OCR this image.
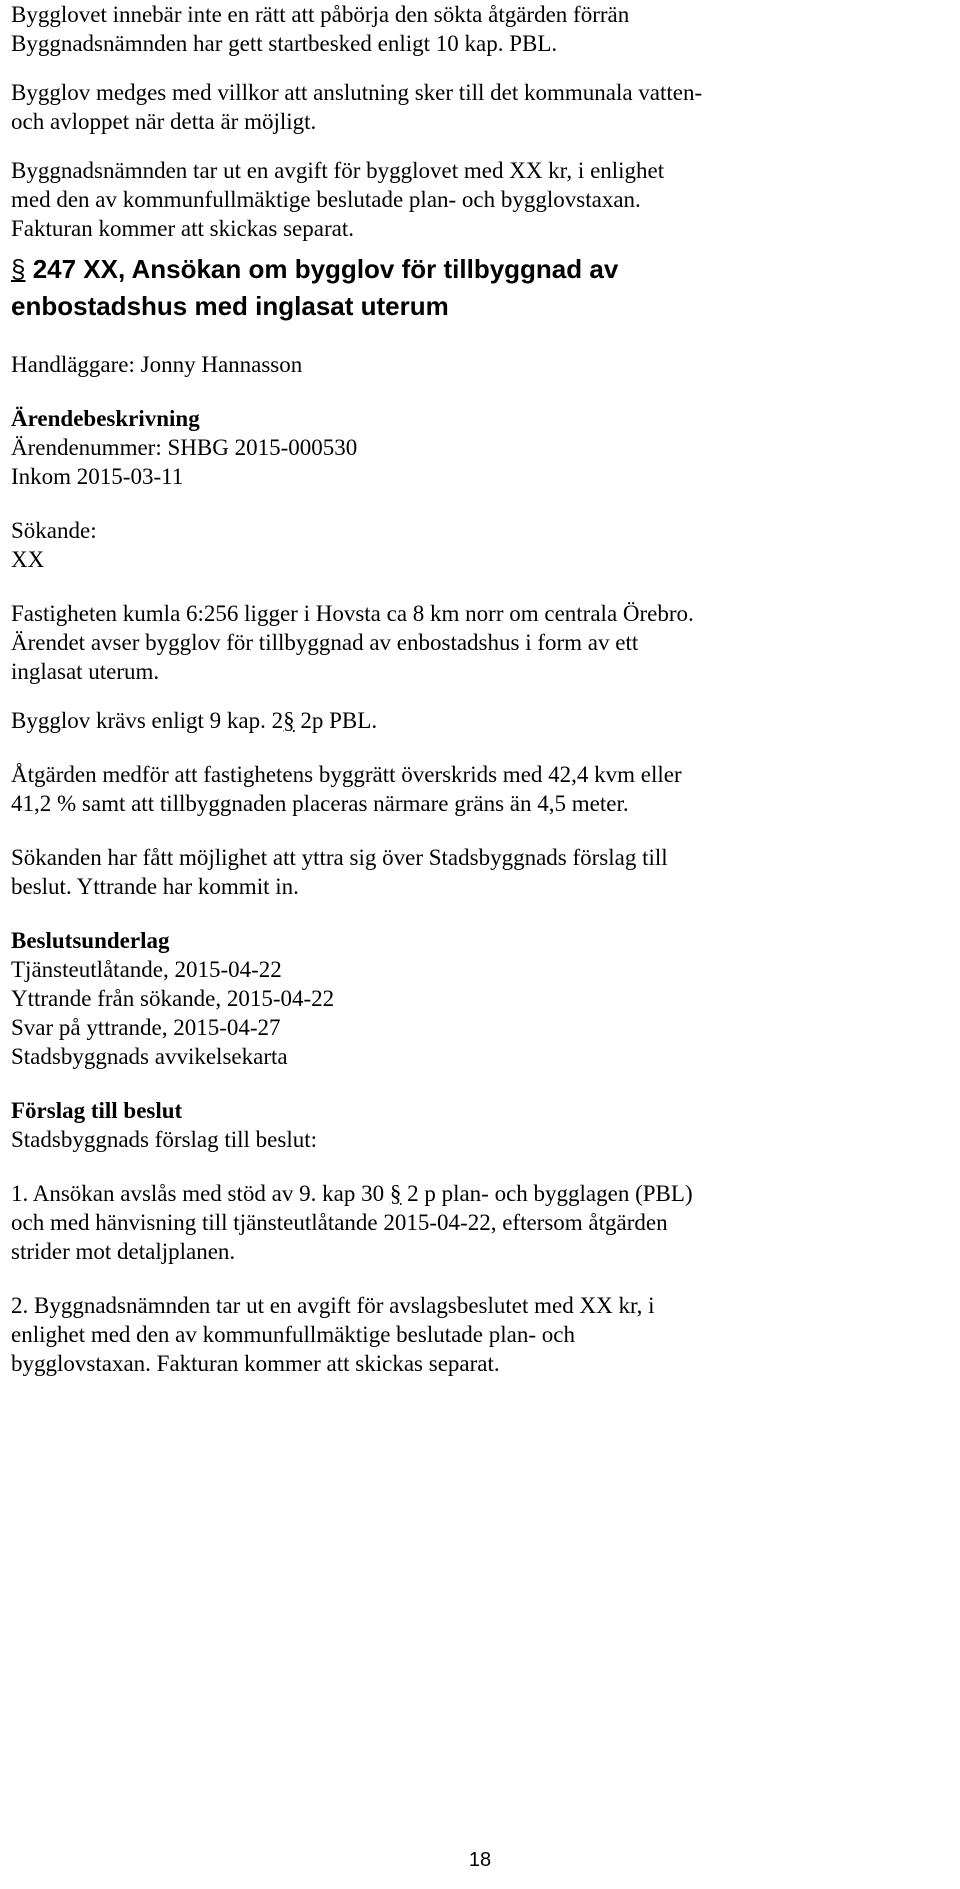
Bygglovet innebär inte en rätt att påbörja den sökta åtgärden förrän
Byggnadsnämnden har gett startbesked enligt 10 kap. PBL.

Bygglov medges med villkor att anslutning sker till det kommunala vatten-
och avloppet när detta är möjligt.

Byggnadsnämnden tar ut en avgift för bygglovet med XX kr, i enlighet
med den av kommunfullmäktige beslutade plan- och bygglovstaxan.
Fakturan kommer att skickas separat.

§ 247 XX, Ansökan om bygglov för tillbyggnad av
enbostadshus med inglasat uterum

Handläggare: Jonny Hannasson

Ärendebeskrivning

Ärendenummer: SHBG 2015-000530

Inkom 2015-03-11

Sökande:

XX

Fastigheten kumla 6:256 ligger i Hovsta ca 8 km norr om centrala Örebro.
Ärendet avser bygglov för tillbyggnad av enbostadshus i form av ett
inglasat uterum.

Bygglov krävs enligt 9 kap. 2§ 2p PBL.

Åtgärden medför att fastighetens byggrätt överskrids med 42,4 kvm eller
41,2 % samt att tillbyggnaden placeras närmare gräns än 4,5 meter.

Sökanden har fått möjlighet att yttra sig över Stadsbyggnads förslag till
beslut. Yttrande har kommit in.

Beslutsunderlag

Tjänsteutlåtande, 2015-04-22

Yttrande från sökande, 2015-04-22

Svar på yttrande, 2015-04-27

Stadsbyggnads avvikelsekarta

Förslag till beslut

Stadsbyggnads förslag till beslut:

1. Ansökan avslås med stöd av 9. kap 30 § 2 p plan- och bygglagen (PBL)
och med hänvisning till tjänsteutlåtande 2015-04-22, eftersom åtgärden
strider mot detaljplanen.

2. Byggnadsnämnden tar ut en avgift för avslagsbeslutet med XX kr, i
enlighet med den av kommunfullmäktige beslutade plan- och
bygglovstaxan. Fakturan kommer att skickas separat.

18
